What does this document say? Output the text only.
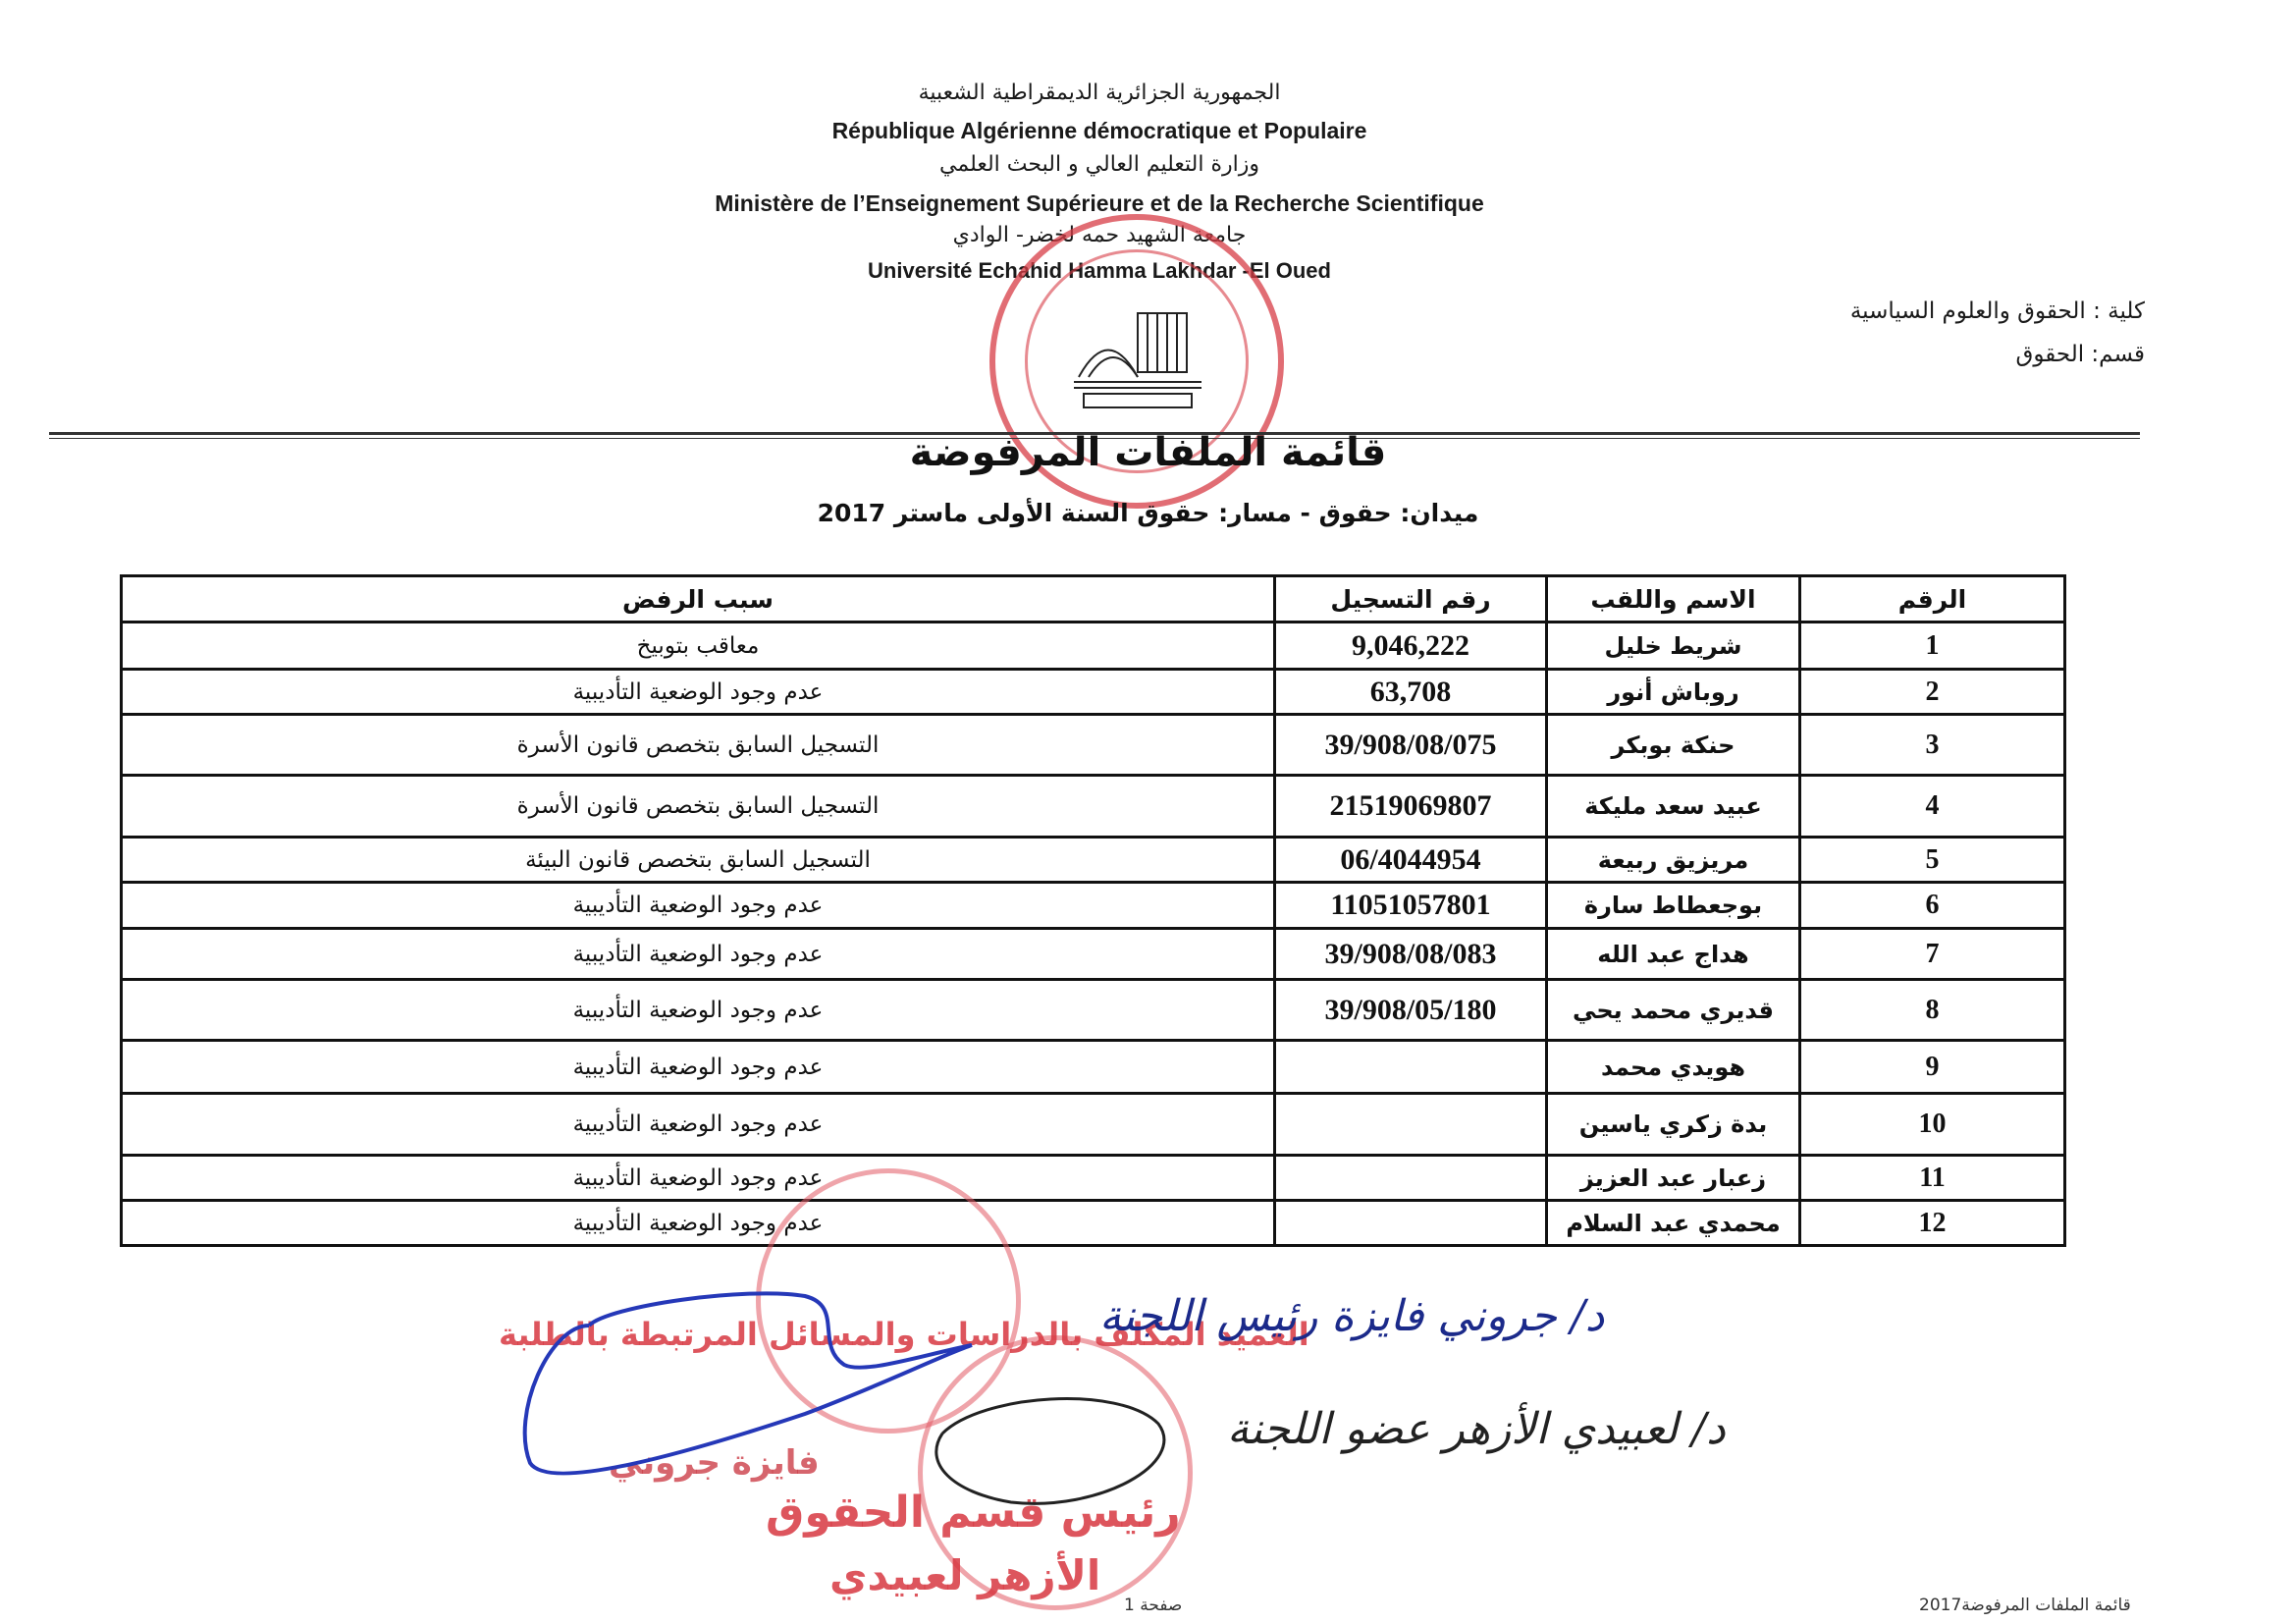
الجمهورية الجزائرية الديمقراطية الشعبية
République Algérienne démocratique et Populaire
وزارة التعليم العالي و البحث العلمي
Ministère de l’Enseignement Supérieure et de la Recherche Scientifique
جامعة الشهيد حمه لخضر- الوادي
Université Echahid Hamma Lakhdar -El Oued
كلية : الحقوق والعلوم السياسية
قسم: الحقوق
قائمة الملفات المرفوضة
ميدان: حقوق - مسار: حقوق السنة الأولى ماستر 2017
الرقم	الاسم واللقب	رقم التسجيل	سبب الرفض
1	شريط خليل	9,046,222	معاقب بتوبيخ
2	روباش أنور	63,708	عدم وجود الوضعية التأديبية
3	حنكة بوبكر	39/908/08/075	التسجيل السابق بتخصص قانون الأسرة
4	عبيد سعد مليكة	21519069807	التسجيل السابق بتخصص قانون الأسرة
5	مريزيق ربيعة	06/4044954	التسجيل السابق بتخصص قانون البيئة
6	بوجعطاط سارة	11051057801	عدم وجود الوضعية التأديبية
7	هداج عبد الله	39/908/08/083	عدم وجود الوضعية التأديبية
8	قديري محمد يحي	39/908/05/180	عدم وجود الوضعية التأديبية
9	هويدي محمد		عدم وجود الوضعية التأديبية
10	بدة زكري ياسين		عدم وجود الوضعية التأديبية
11	زعبار عبد العزيز		عدم وجود الوضعية التأديبية
12	محمدي عبد السلام		عدم وجود الوضعية التأديبية
العميد المكلف بالدراسات والمسائل المرتبطة بالطلبة
فايزة جروني
رئيس قسم الحقوق
الأزهر لعبيدي
د/ جروني فايزة رئيس اللجنة
د/ لعبيدي الأزهر عضو اللجنة
صفحة 1	قائمة الملفات المرفوضة2017
